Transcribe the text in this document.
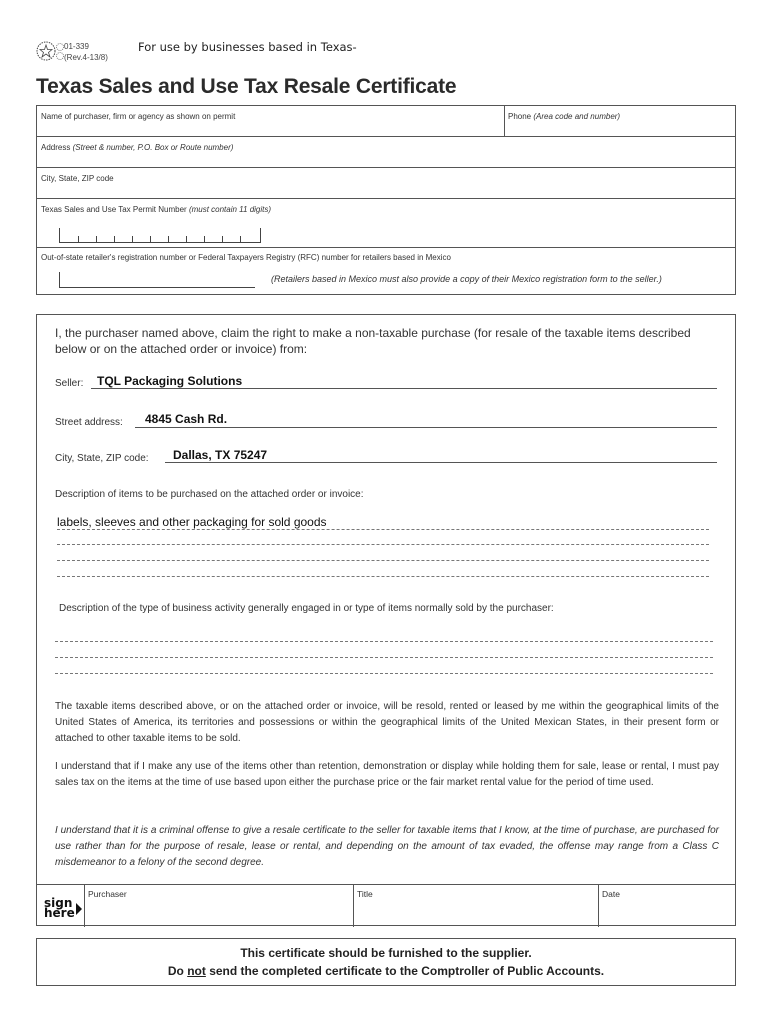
01-339
(Rev.4-13/8)
For use by businesses based in Texas-
Texas Sales and Use Tax Resale Certificate
Name of purchaser, firm or agency as shown on permit	Phone (Area code and number)
Address (Street & number, P.O. Box or Route number)
City, State, ZIP code
Texas Sales and Use Tax Permit Number (must contain 11 digits)
Out-of-state retailer's registration number or Federal Taxpayers Registry (RFC) number for retailers based in Mexico
(Retailers based in Mexico must also provide a copy of their Mexico registration form to the seller.)
I, the purchaser named above, claim the right to make a non-taxable purchase (for resale of the taxable items described below or on the attached order or invoice) from:
Seller: TQL Packaging Solutions
Street address: 4845 Cash Rd.
City, State, ZIP code: Dallas, TX 75247
Description of items to be purchased on the attached order or invoice:
labels, sleeves and other packaging for sold goods
Description of the type of business activity generally engaged in or type of items normally sold by the purchaser:
The taxable items described above, or on the attached order or invoice, will be resold, rented or leased by me within the geographical limits of the United States of America, its territories and possessions or within the geographical limits of the United Mexican States, in their present form or attached to other taxable items to be sold.
I understand that if I make any use of the items other than retention, demonstration or display while holding them for sale, lease or rental, I must pay sales tax on the items at the time of use based upon either the purchase price or the fair market rental value for the period of time used.
I understand that it is a criminal offense to give a resale certificate to the seller for taxable items that I know, at the time of purchase, are purchased for use rather than for the purpose of resale, lease or rental, and depending on the amount of tax evaded, the offense may range from a Class C misdemeanor to a felony of the second degree.
sign
here
Purchaser	Title	Date
This certificate should be furnished to the supplier.
Do not send the completed certificate to the Comptroller of Public Accounts.
